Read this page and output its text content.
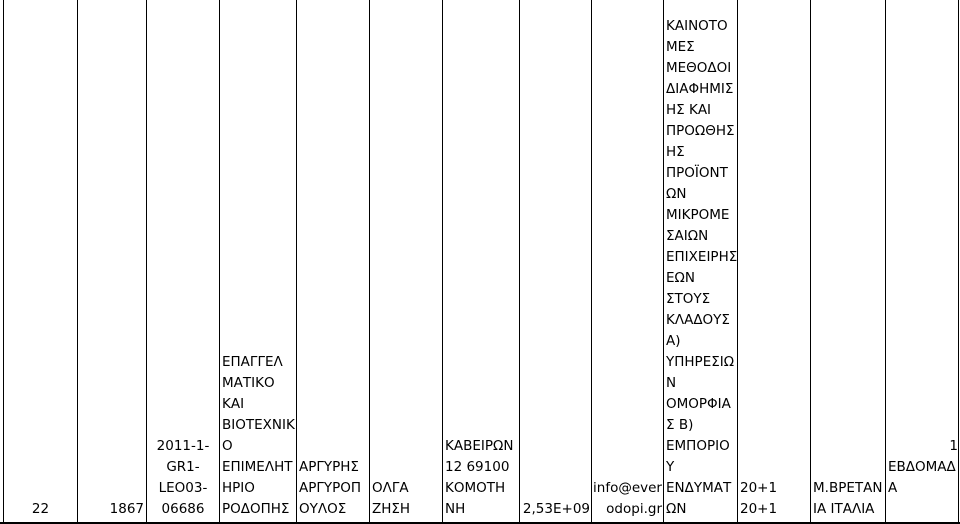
22	1867
2011-1-
GR1-
LEO03-
06686
ΕΠΑΓΓΕΛ
ΜΑΤΙΚΟ
ΚΑΙ
ΒΙΟΤΕΧΝΙΚ
Ο
ΕΠΙΜΕΛΗΤ
ΗΡΙΟ
ΡΟΔΟΠΗΣ
ΑΡΓΥΡΗΣ
ΑΡΓΥΡΟΠ
ΟΥΛΟΣ
ΟΛΓΑ
ΖΗΣΗ
ΚΑΒΕΙΡΩΝ
12 69100
ΚΟΜΟΤΗ
ΝΗ	2,53E+09
info@ever
odopi.gr
ΚΑΙΝΟΤΟ
ΜΕΣ
ΜΕΘΟΔΟΙ
ΔΙΑΦΗΜΙΣ
ΗΣ ΚΑΙ
ΠΡΟΩΘΗΣ
ΗΣ
ΠΡΟΪΟΝΤ
ΩΝ
ΜΙΚΡΟΜΕ
ΣΑΙΩΝ
ΕΠΙΧΕΙΡΗΣ
ΕΩΝ
ΣΤΟΥΣ
ΚΛΑΔΟΥΣ
Α)
ΥΠΗΡΕΣΙΩ
Ν
ΟΜΟΡΦΙΑ
Σ Β)
ΕΜΠΟΡΙΟ
Υ
ΕΝΔΥΜΑΤ
ΩΝ
20+1
20+1
Μ.ΒΡΕΤΑΝ
ΙΑ ΙΤΑΛΙΑ

1
ΕΒΔΟΜΑΔ
Α
